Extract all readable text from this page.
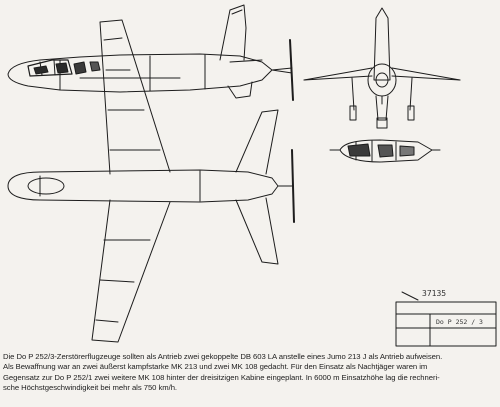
37135
Do P 252 / 3

Die Do P 252/3-Zerstörerflugzeuge sollten als Antrieb zwei gekoppelte DB 603 LA anstelle eines Jumo 213 J als Antrieb aufweisen.
Als Bewaffnung war an zwei äußerst kampfstarke MK 213 und zwei MK 108 gedacht. Für den Einsatz als Nachtjäger waren im
Gegensatz zur Do P 252/1 zwei weitere MK 108 hinter der dreisitzigen Kabine eingeplant. In 6000 m Einsatzhöhe lag die rechneri-
sche Höchstgeschwindigkeit bei mehr als 750 km/h.
